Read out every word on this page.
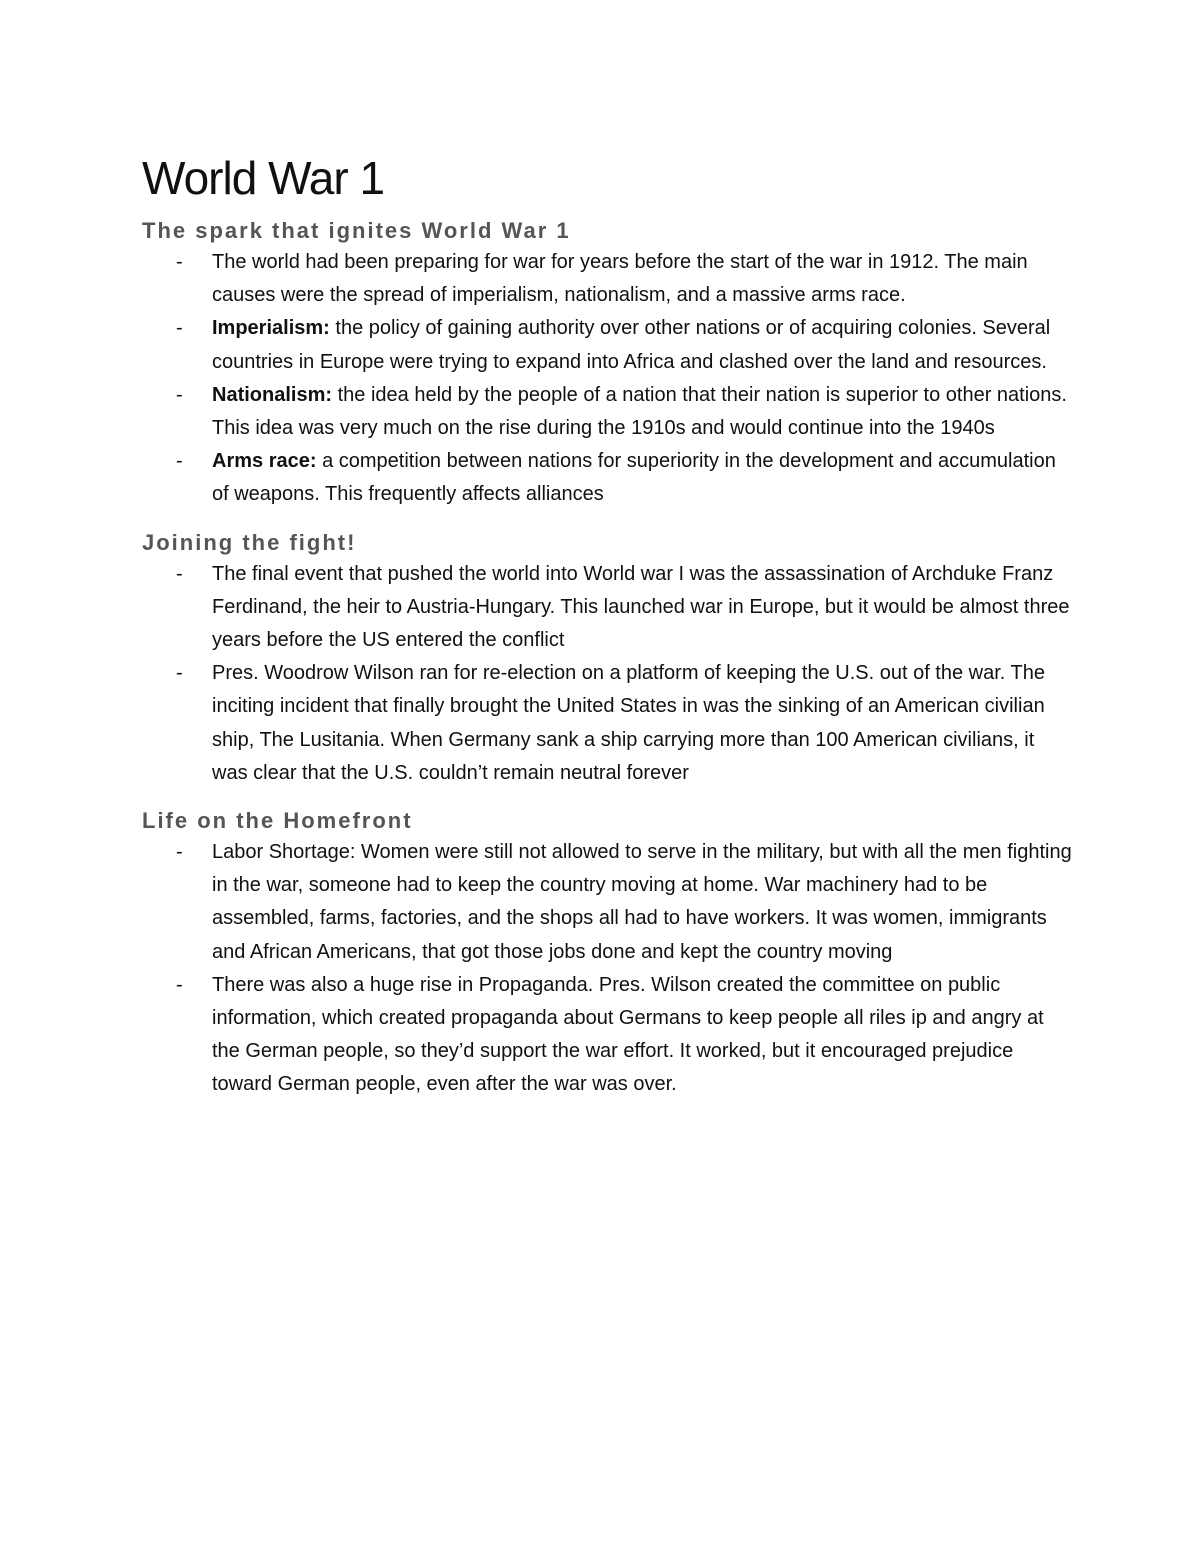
World War 1
The spark that ignites World War 1
- The world had been preparing for war for years before the start of the war in 1912. The main causes were the spread of imperialism, nationalism, and a massive arms race.
- Imperialism: the policy of gaining authority over other nations or of acquiring colonies. Several countries in Europe were trying to expand into Africa and clashed over the land and resources.
- Nationalism: the idea held by the people of a nation that their nation is superior to other nations. This idea was very much on the rise during the 1910s and would continue into the 1940s
- Arms race: a competition between nations for superiority in the development and accumulation of weapons. This frequently affects alliances
Joining the fight!
- The final event that pushed the world into World war I was the assassination of Archduke Franz Ferdinand, the heir to Austria-Hungary. This launched war in Europe, but it would be almost three years before the US entered the conflict
- Pres. Woodrow Wilson ran for re-election on a platform of keeping the U.S. out of the war. The inciting incident that finally brought the United States in was the sinking of an American civilian ship, The Lusitania. When Germany sank a ship carrying more than 100 American civilians, it was clear that the U.S. couldn’t remain neutral forever
Life on the Homefront
- Labor Shortage: Women were still not allowed to serve in the military, but with all the men fighting in the war, someone had to keep the country moving at home. War machinery had to be assembled, farms, factories, and the shops all had to have workers. It was women, immigrants and African Americans, that got those jobs done and kept the country moving
- There was also a huge rise in Propaganda. Pres. Wilson created the committee on public information, which created propaganda about Germans to keep people all riles ip and angry at the German people, so they’d support the war effort. It worked, but it encouraged prejudice toward German people, even after the war was over.
